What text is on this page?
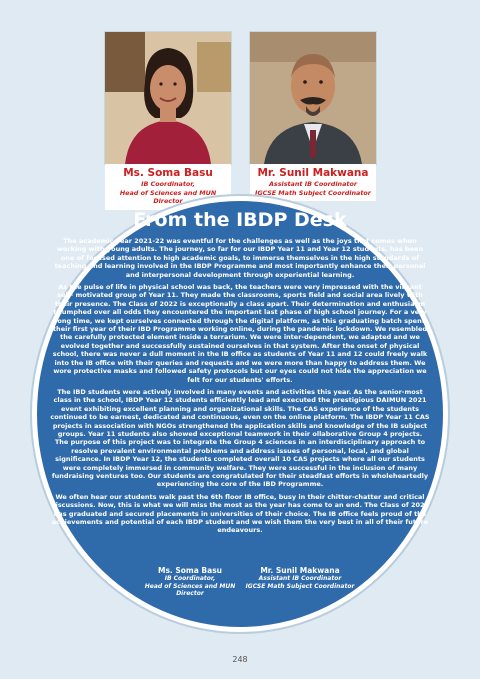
Ms. Soma Basu
IB Coordinator,
Head of Sciences and MUN Director
Mr. Sunil Makwana
Assistant IB Coordinator
IGCSE Math Subject Coordinator
From the IBDP Desk

The academic year 2021-22 was eventful for the challenges as well as the joys that comes when working with young adults. The journey, so far for our IBDP Year 11 and Year 12 students, has been one of focused attention to high academic goals, to immerse themselves in the high standards of teaching and learning involved in the IBDP Programme and most importantly enhance their personal and interpersonal development through experiential learning.

As the pulse of life in physical school was back, the teachers were very impressed with the vibrant self- motivated group of Year 11. They made the classrooms, sports field and social area lively with their presence. The Class of 2022 is exceptionally a class apart. Their determination and enthusiasm triumphed over all odds they encountered the important last phase of high school journey. For a very long time, we kept ourselves connected through the digital platform, as this graduating batch spent their first year of their IBD Programme working online, during the pandemic lockdown. We resembled the carefully protected element inside a terrarium. We were inter-dependent, we adapted and we evolved together and successfully sustained ourselves in that system. After the onset of physical school, there was never a dull moment in the IB office as students of Year 11 and 12 could freely walk into the IB office with their queries and requests and we were more than happy to address them. We wore protective masks and followed safety protocols but our eyes could not hide the appreciation we felt for our students' efforts.

The IBD students were actively involved in many events and activities this year. As the senior-most class in the school, IBDP Year 12 students efficiently lead and executed the prestigious DAIMUN 2021 event exhibiting excellent planning and organizational skills. The CAS experience of the students continued to be earnest, dedicated and continuous, even on the online platform. The IBDP Year 11 CAS projects in association with NGOs strengthened the application skills and knowledge of the IB subject groups. Year 11 students also showed exceptional teamwork in their ollaborative Group 4 projects. The purpose of this project was to integrate the Group 4 sciences in an interdisciplinary approach to resolve prevalent environmental problems and address issues of personal, local, and global significance. In IBDP Year 12, the students completed overall 10 CAS projects where all our students were completely immersed in community welfare. They were successful in the inclusion of many fundraising ventures too. Our students are congratulated for their steadfast efforts in wholeheartedly experiencing the core of the IBD Programme.

We often hear our students walk past the 6th floor IB office, busy in their chitter-chatter and critical discussions. Now, this is what we will miss the most as the year has come to an end. The Class of 2022 has graduated and secured placements in universities of their choice. The IB office feels proud of the achievements and potential of each IBDP student and we wish them the very best in all of their future endeavours.

Ms. Soma Basu
IB Coordinator,
Head of Sciences and MUN Director
Mr. Sunil Makwana
Assistant IB Coordinator
IGCSE Math Subject Coordinator
248
